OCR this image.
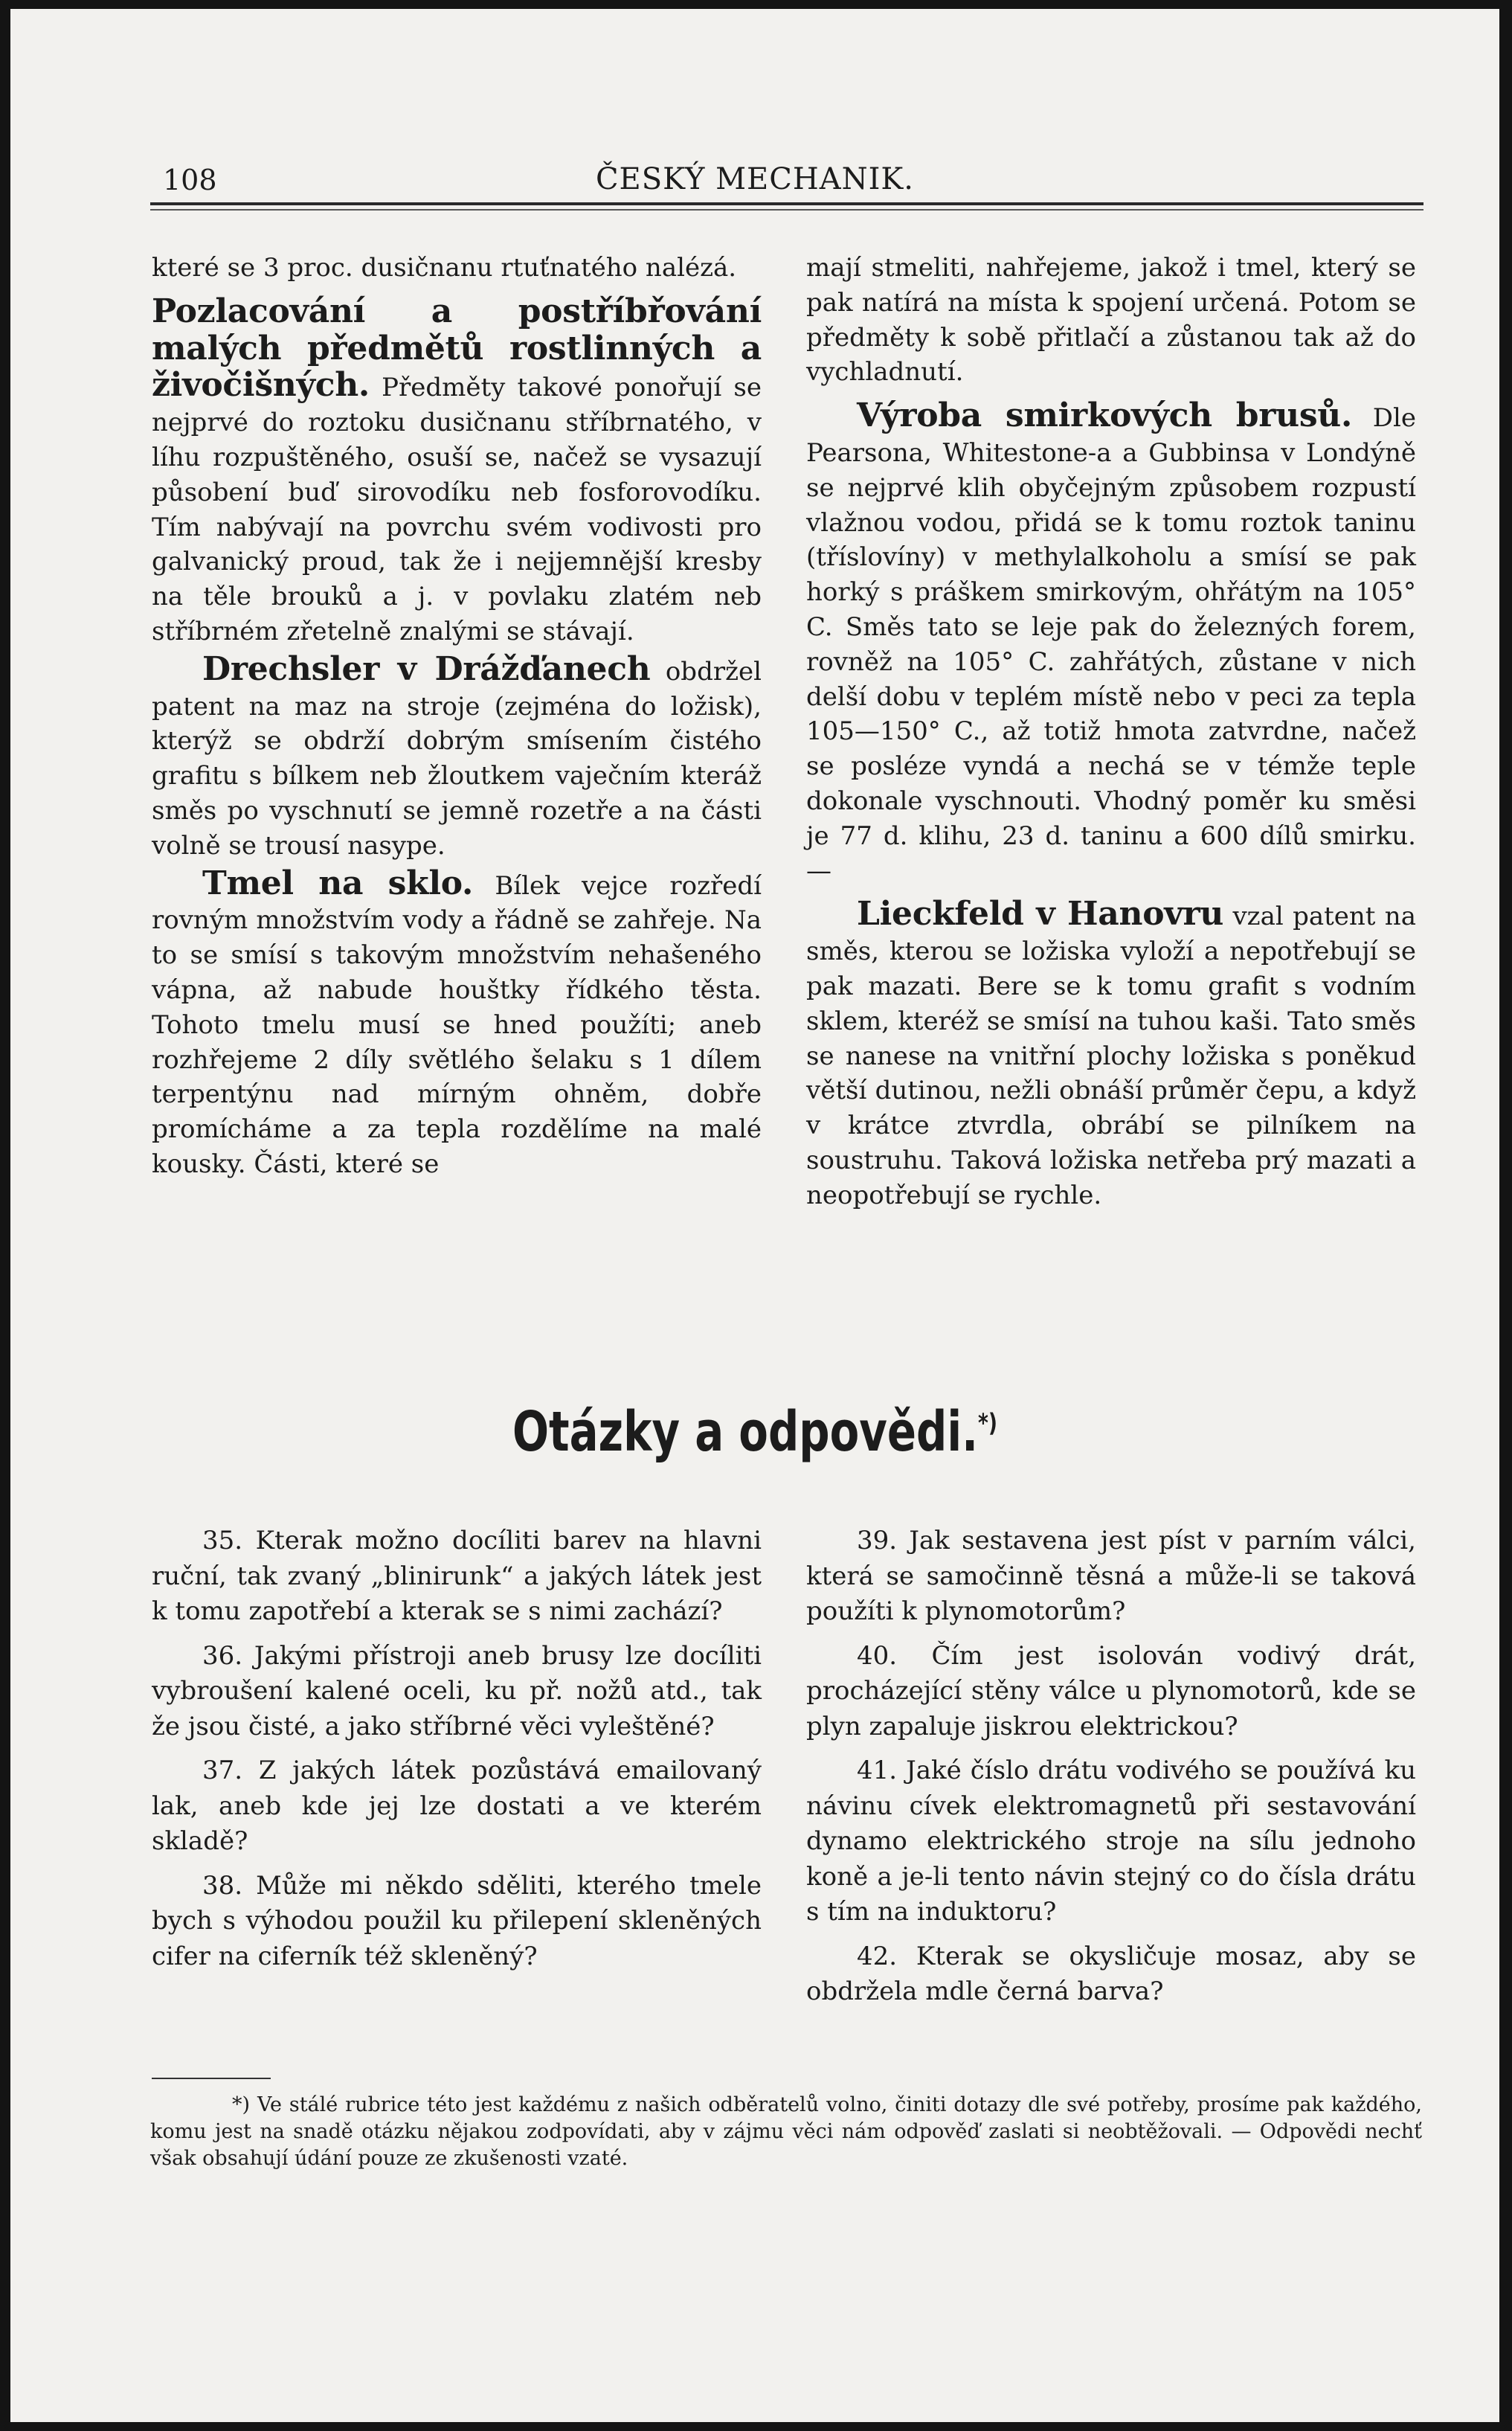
108	ČESKÝ MECHANIK.

které se 3 proc. dusičnanu rtuťnatého nalézá.

Pozlacování a postříbřování malých předmětů rostlinných a živočišných. Předměty takové ponořují se nejprvé do roztoku dusičnanu stříbrnatého, v líhu rozpuštěného, osuší se, načež se vysazují působení buď sirovodíku neb fosforovodíku. Tím nabývají na povrchu svém vodivosti pro galvanický proud, tak že i nejjemnější kresby na těle brouků a j. v povlaku zlatém neb stříbrném zřetelně znalými se stávají.

Drechsler v Drážďanech obdržel patent na maz na stroje (zejména do ložisk), kterýž se obdrží dobrým smísením čistého grafitu s bílkem neb žloutkem vaječním kteráž směs po vyschnutí se jemně rozetře a na části volně se trousí nasype.

Tmel na sklo. Bílek vejce rozředí rovným množstvím vody a řádně se zahřeje. Na to se smísí s takovým množstvím nehašeného vápna, až nabude houštky řídkého těsta. Tohoto tmelu musí se hned použíti; aneb rozhřejeme 2 díly světlého šelaku s 1 dílem terpentýnu nad mírným ohněm, dobře promícháme a za tepla rozdělíme na malé kousky. Části, které se

mají stmeliti, nahřejeme, jakož i tmel, který se pak natírá na místa k spojení určená. Potom se předměty k sobě přitlačí a zůstanou tak až do vychladnutí.

Výroba smirkových brusů. Dle Pearsona, Whitestone-a a Gubbinsa v Londýně se nejprvé klih obyčejným způsobem rozpustí vlažnou vodou, přidá se k tomu roztok taninu (tříslovíny) v methylalkoholu a smísí se pak horký s práškem smirkovým, ohřátým na 105° C. Směs tato se leje pak do železných forem, rovněž na 105° C. zahřátých, zůstane v nich delší dobu v teplém místě nebo v peci za tepla 105—150° C., až totiž hmota zatvrdne, načež se posléze vyndá a nechá se v témže teple dokonale vyschnouti. Vhodný poměr ku směsi je 77 d. klihu, 23 d. taninu a 600 dílů smirku. —

Lieckfeld v Hanovru vzal patent na směs, kterou se ložiska vyloží a nepotřebují se pak mazati. Bere se k tomu grafit s vodním sklem, kteréž se smísí na tuhou kaši. Tato směs se nanese na vnitřní plochy ložiska s poněkud větší dutinou, nežli obnáší průměr čepu, a když v krátce ztvrdla, obrábí se pilníkem na soustruhu. Taková ložiska netřeba prý mazati a neopotřebují se rychle.

Otázky a odpovědi.*)

35. Kterak možno docíliti barev na hlavni ruční, tak zvaný „blinirunk“ a jakých látek jest k tomu zapotřebí a kterak se s nimi zachází?

36. Jakými přístroji aneb brusy lze docíliti vybroušení kalené oceli, ku př. nožů atd., tak že jsou čisté, a jako stříbrné věci vyleštěné?

37. Z jakých látek pozůstává emailovaný lak, aneb kde jej lze dostati a ve kterém skladě?

38. Může mi někdo sděliti, kterého tmele bych s výhodou použil ku přilepení skleněných cifer na ciferník též skleněný?

39. Jak sestavena jest píst v parním válci, která se samočinně těsná a může-li se taková použíti k plynomotorům?

40. Čím jest isolován vodivý drát, procházející stěny válce u plynomotorů, kde se plyn zapaluje jiskrou elektrickou?

41. Jaké číslo drátu vodivého se používá ku návinu cívek elektromagnetů při sestavování dynamo elektrického stroje na sílu jednoho koně a je-li tento návin stejný co do čísla drátu s tím na induktoru?

42. Kterak se okysličuje mosaz, aby se obdržela mdle černá barva?

*) Ve stálé rubrice této jest každému z našich odběratelů volno, činiti dotazy dle své potřeby, prosíme pak každého, komu jest na snadě otázku nějakou zodpovídati, aby v zájmu věci nám odpověď zaslati si neobtěžovali. — Odpovědi nechť však obsahují údání pouze ze zkušenosti vzaté.
